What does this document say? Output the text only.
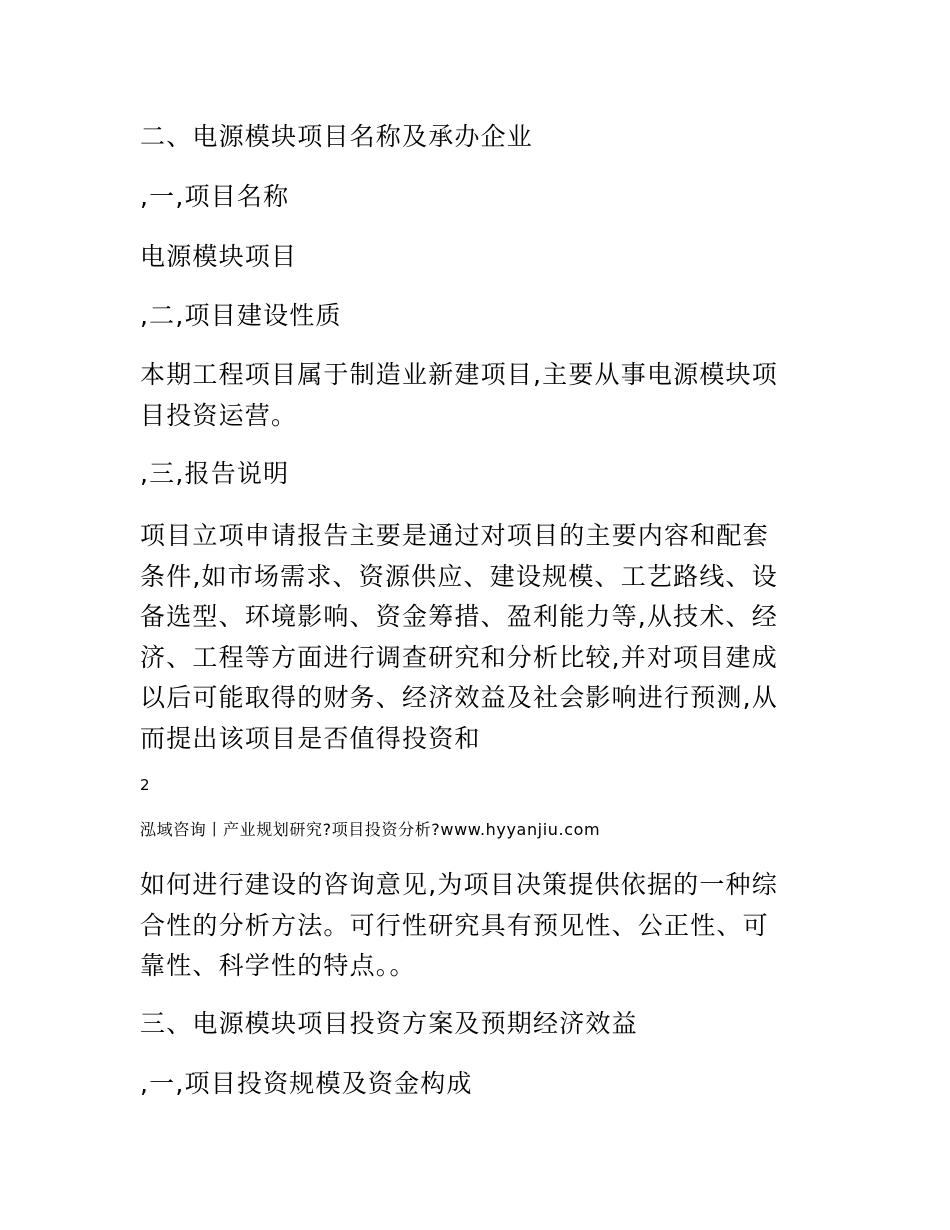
二、电源模块项目名称及承办企业
,一,项目名称
电源模块项目
,二,项目建设性质
本期工程项目属于制造业新建项目,主要从事电源模块项
目投资运营。
,三,报告说明
项目立项申请报告主要是通过对项目的主要内容和配套
条件,如市场需求、资源供应、建设规模、工艺路线、设
备选型、环境影响、资金筹措、盈利能力等,从技术、经
济、工程等方面进行调查研究和分析比较,并对项目建成
以后可能取得的财务、经济效益及社会影响进行预测,从
而提出该项目是否值得投资和
2
泓域咨询丨产业规划研究?项目投资分析?www.hyyanjiu.com
如何进行建设的咨询意见,为项目决策提供依据的一种综
合性的分析方法。可行性研究具有预见性、公正性、可
靠性、科学性的特点。。
三、电源模块项目投资方案及预期经济效益
,一,项目投资规模及资金构成
